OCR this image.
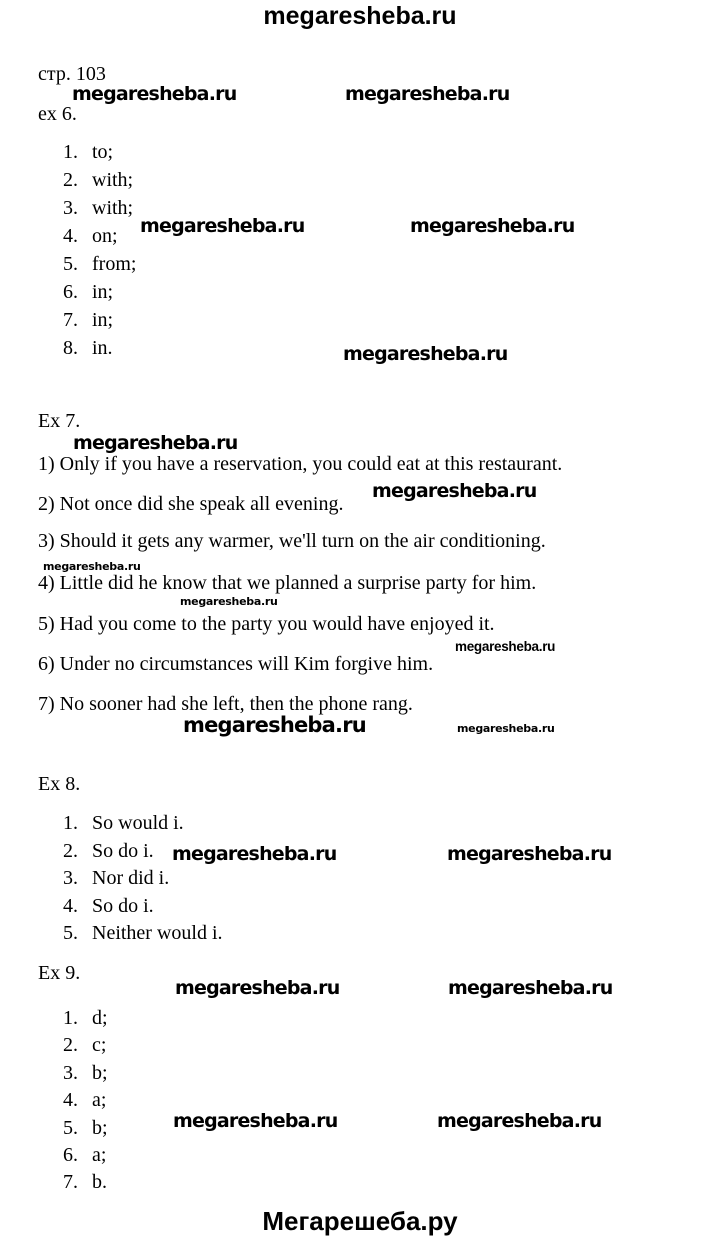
megaresheba.ru
стр. 103
megaresheba.ru	megaresheba.ru
ex 6.
1. to;
2. with;
3. with;
4. on;
5. from;
6. in;
7. in;
8. in.
megaresheba.ru	megaresheba.ru
megaresheba.ru
Ex 7.
megaresheba.ru
1) Only if you have a reservation, you could eat at this restaurant.
megaresheba.ru
2) Not once did she speak all evening.
3) Should it gets any warmer, we'll turn on the air conditioning.
megaresheba.ru
4) Little did he know that we planned a surprise party for him.
megaresheba.ru
5) Had you come to the party you would have enjoyed it.
megaresheba.ru
6) Under no circumstances will Kim forgive him.
7) No sooner had she left, then the phone rang.
megaresheba.ru	megaresheba.ru
Ex 8.
1. So would i.
2. So do i.
3. Nor did i.
4. So do i.
5. Neither would i.
megaresheba.ru	megaresheba.ru
Ex 9.
megaresheba.ru	megaresheba.ru
1. d;
2. c;
3. b;
4. a;
5. b;
6. a;
7. b.
megaresheba.ru	megaresheba.ru
Мегарешеба.ру
